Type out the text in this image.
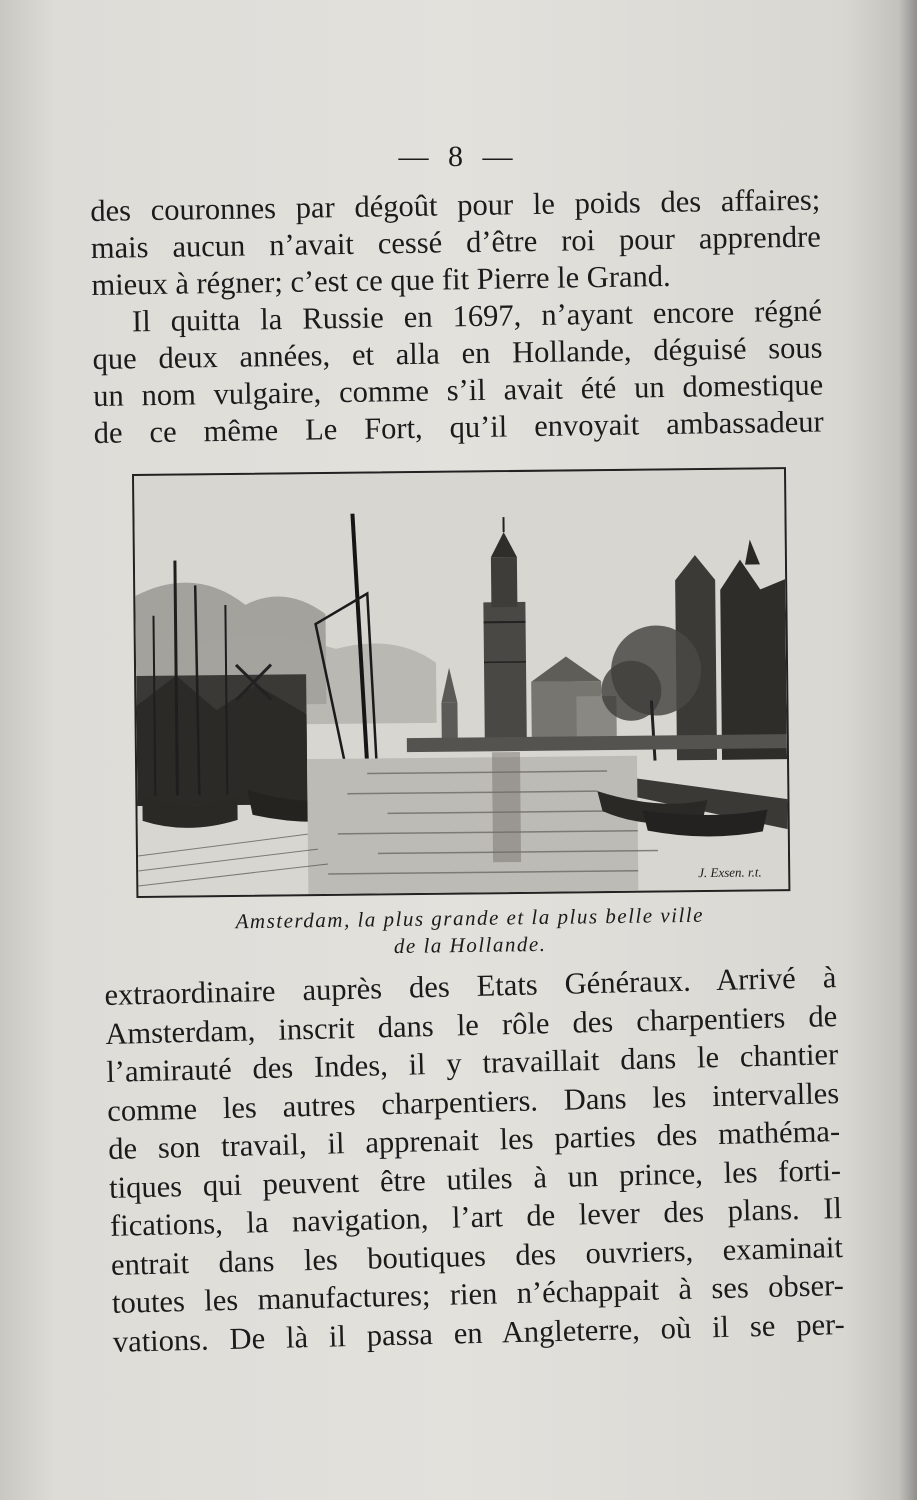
— 8 —
des couronnes par dégoût pour le poids des affaires;
mais aucun n’avait cessé d’être roi pour apprendre
mieux à régner; c’est ce que fit Pierre le Grand.
Il quitta la Russie en 1697, n’ayant encore régné
que deux années, et alla en Hollande, déguisé sous
un nom vulgaire, comme s’il avait été un domestique
de ce même Le Fort, qu’il envoyait ambassadeur
J. Exsen. r.t.
Amsterdam, la plus grande et la plus belle ville
de la Hollande.
extraordinaire auprès des Etats Généraux. Arrivé à
Amsterdam, inscrit dans le rôle des charpentiers de
l’amirauté des Indes, il y travaillait dans le chantier
comme les autres charpentiers. Dans les intervalles
de son travail, il apprenait les parties des mathéma-
tiques qui peuvent être utiles à un prince, les forti-
fications, la navigation, l’art de lever des plans. Il
entrait dans les boutiques des ouvriers, examinait
toutes les manufactures; rien n’échappait à ses obser-
vations. De là il passa en Angleterre, où il se per-
